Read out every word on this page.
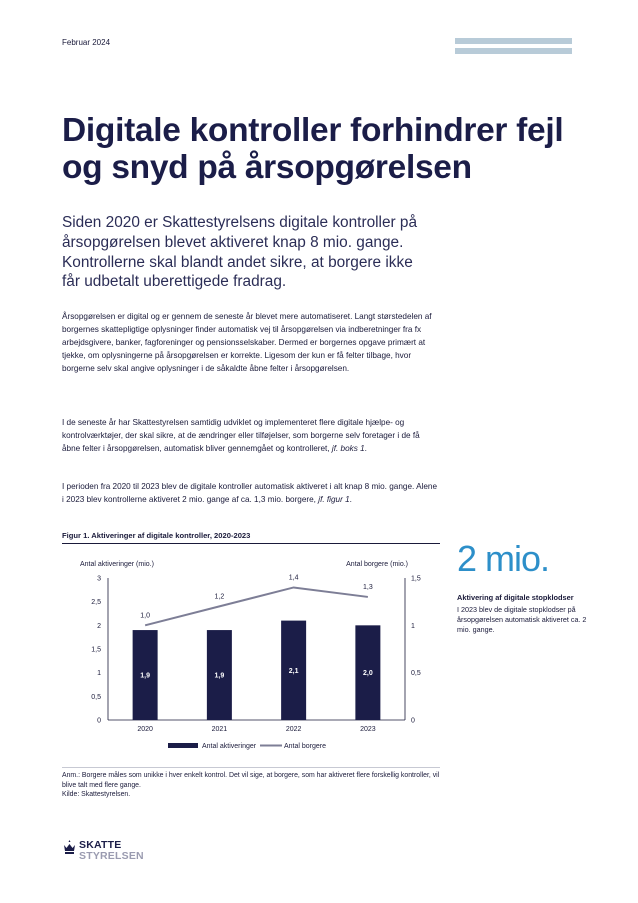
Februar 2024
Digitale kontroller forhindrer fejl og snyd på årsopgørelsen

Siden 2020 er Skattestyrelsens digitale kontroller på årsopgørelsen blevet aktiveret knap 8 mio. gange. Kontrollerne skal blandt andet sikre, at borgere ikke får udbetalt uberettigede fradrag.

Årsopgørelsen er digital og er gennem de seneste år blevet mere automatiseret. Langt størstedelen af borgernes skattepligtige oplysninger finder automatisk vej til årsopgørelsen via indberetninger fra fx arbejdsgivere, banker, fagforeninger og pensionsselskaber. Dermed er borgernes opgave primært at tjekke, om oplysningerne på årsopgørelsen er korrekte. Ligesom der kun er få felter tilbage, hvor borgerne selv skal angive oplysninger i de såkaldte åbne felter i årsopgørelsen.

I de seneste år har Skattestyrelsen samtidig udviklet og implementeret flere digitale hjælpe- og kontrolværktøjer, der skal sikre, at de ændringer eller tilføjelser, som borgerne selv foretager i de få åbne felter i årsopgørelsen, automatisk bliver gennemgået og kontrolleret, jf. boks 1.

I perioden fra 2020 til 2023 blev de digitale kontroller automatisk aktiveret i alt knap 8 mio. gange. Alene i 2023 blev kontrollerne aktiveret 2 mio. gange af ca. 1,3 mio. borgere, jf. figur 1.

Figur 1. Aktiveringer af digitale kontroller, 2020-2023
Antal aktiveringer (mio.)	Antal borgere (mio.)
0
0,5
1
1,5
2
2,5
3
0
0,5
1
1,5
1,9	1,9
2,1	2,0
1,0
1,2
1,4
1,3
2020	2021	2022	2023
Antal aktiveringer	Antal borgere
2 mio.
Aktivering af digitale stopklodser

I 2023 blev de digitale stopklodser på årsopgørelsen automatisk aktiveret ca. 2 mio. gange.

Anm.: Borgere måles som unikke i hver enkelt kontrol. Det vil sige, at borgere, som har aktiveret flere forskellig kontroller, vil blive talt med flere gange.

Kilde: Skattestyrelsen.
SKATTE
STYRELSEN
